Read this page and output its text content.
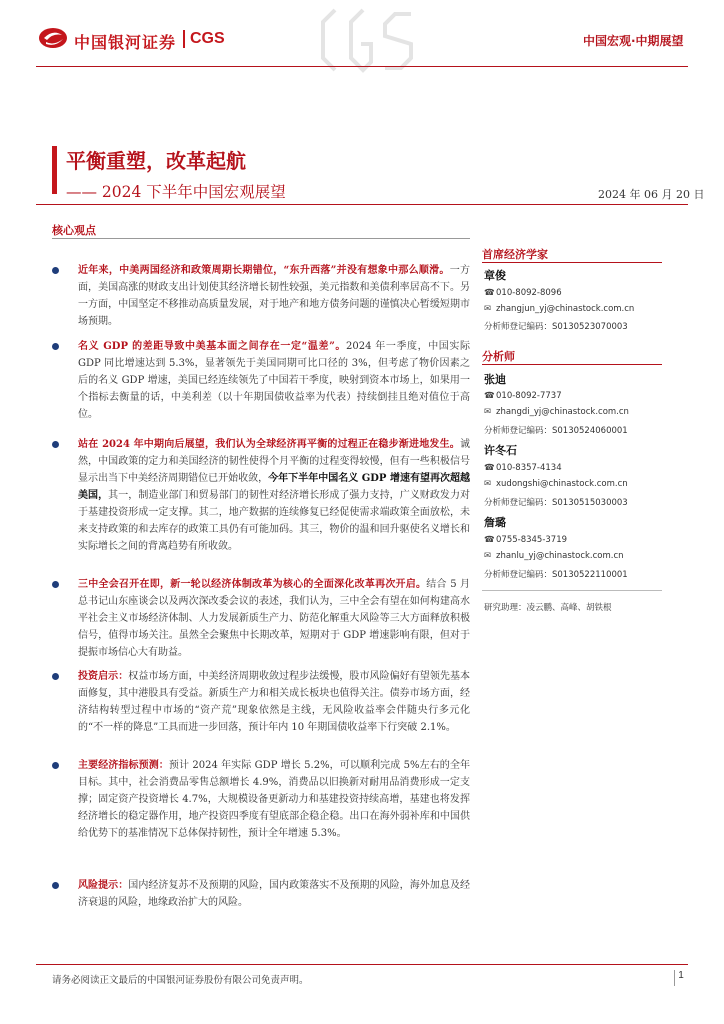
中国银河证券 CGS	中国宏观·中期展望
平衡重塑，改革起航
—— 2024 下半年中国宏观展望	2024 年 06 月 20 日
核心观点
近年来，中美两国经济和政策周期长期错位，“东升西落”并没有想象中那么顺滑。一方面，美国高涨的财政支出计划使其经济增长韧性较强，美元指数和美债利率居高不下。另一方面，中国坚定不移推动高质量发展，对于地产和地方债务问题的谨慎决心暂缓短期市场预期。
名义 GDP 的差距导致中美基本面之间存在一定“温差”。2024 年一季度，中国实际 GDP 同比增速达到 5.3%，显著领先于美国同期可比口径的 3%，但考虑了物价因素之后的名义 GDP 增速，美国已经连续领先了中国若干季度，映射到资本市场上，如果用一个指标去衡量的话，中美利差（以十年期国债收益率为代表）持续倒挂且绝对值位于高位。
站在 2024 年中期向后展望，我们认为全球经济再平衡的过程正在稳步渐进地发生。诚然，中国政策的定力和美国经济的韧性使得个月平衡的过程变得较慢，但有一些积极信号显示出当下中美经济周期错位已开始收敛，今年下半年中国名义 GDP 增速有望再次超越美国，其一，制造业部门和贸易部门的韧性对经济增长形成了强力支持，广义财政发力对于基建投资形成一定支撑。其二，地产数据的连续修复已经促使需求端政策全面放松，未来支持政策的和去库存的政策工具仍有可能加码。其三，物价的温和回升驱使名义增长和实际增长之间的背离趋势有所收敛。
三中全会召开在即，新一轮以经济体制改革为核心的全面深化改革再次开启。结合 5 月总书记山东座谈会以及两次深改委会议的表述，我们认为，三中全会有望在如何构建高水平社会主义市场经济体制、人力发展新质生产力、防范化解重大风险等三大方面释放积极信号，值得市场关注。虽然全会聚焦中长期改革，短期对于 GDP 增速影响有限，但对于提振市场信心大有助益。
投资启示：权益市场方面，中美经济周期收敛过程步法缓慢，股市风险偏好有望领先基本面修复，其中港股具有受益。新质生产力和相关成长板块也值得关注。债券市场方面，经济结构转型过程中市场的“资产荒”现象依然是主线，无风险收益率会伴随央行多元化的“不一样的降息”工具而进一步回落，预计年内 10 年期国债收益率下行突破 2.1%。
主要经济指标预测：预计 2024 年实际 GDP 增长 5.2%，可以顺利完成 5%左右的全年目标。其中，社会消费品零售总额增长 4.9%，消费品以旧换新对耐用品消费形成一定支撑；固定资产投资增长 4.7%，大规模设备更新动力和基建投资持续高增，基建也将发挥经济增长的稳定器作用，地产投资四季度有望底部企稳企稳。出口在海外弱补库和中国供给优势下的基准情况下总体保持韧性，预计全年增速 5.3%。
风险提示：国内经济复苏不及预期的风险，国内政策落实不及预期的风险，海外加息及经济衰退的风险，地缘政治扩大的风险。
首席经济学家
章俊
☎010-8092-8096
✉ zhangjun_yj@chinastock.com.cn
分析师登记编码：S0130523070003
分析师
张迪
☎010-8092-7737
✉ zhangdi_yj@chinastock.com.cn
分析师登记编码：S0130524060001
许冬石
☎010-8357-4134
✉ xudongshi@chinastock.com.cn
分析师登记编码：S0130515030003
詹璐
☎0755-8345-3719
✉ zhanlu_yj@chinastock.com.cn
分析师登记编码：S0130522110001
研究助理：凌云鹏、高峰、胡铁根
请务必阅读正文最后的中国银河证券股份有限公司免责声明。	1
